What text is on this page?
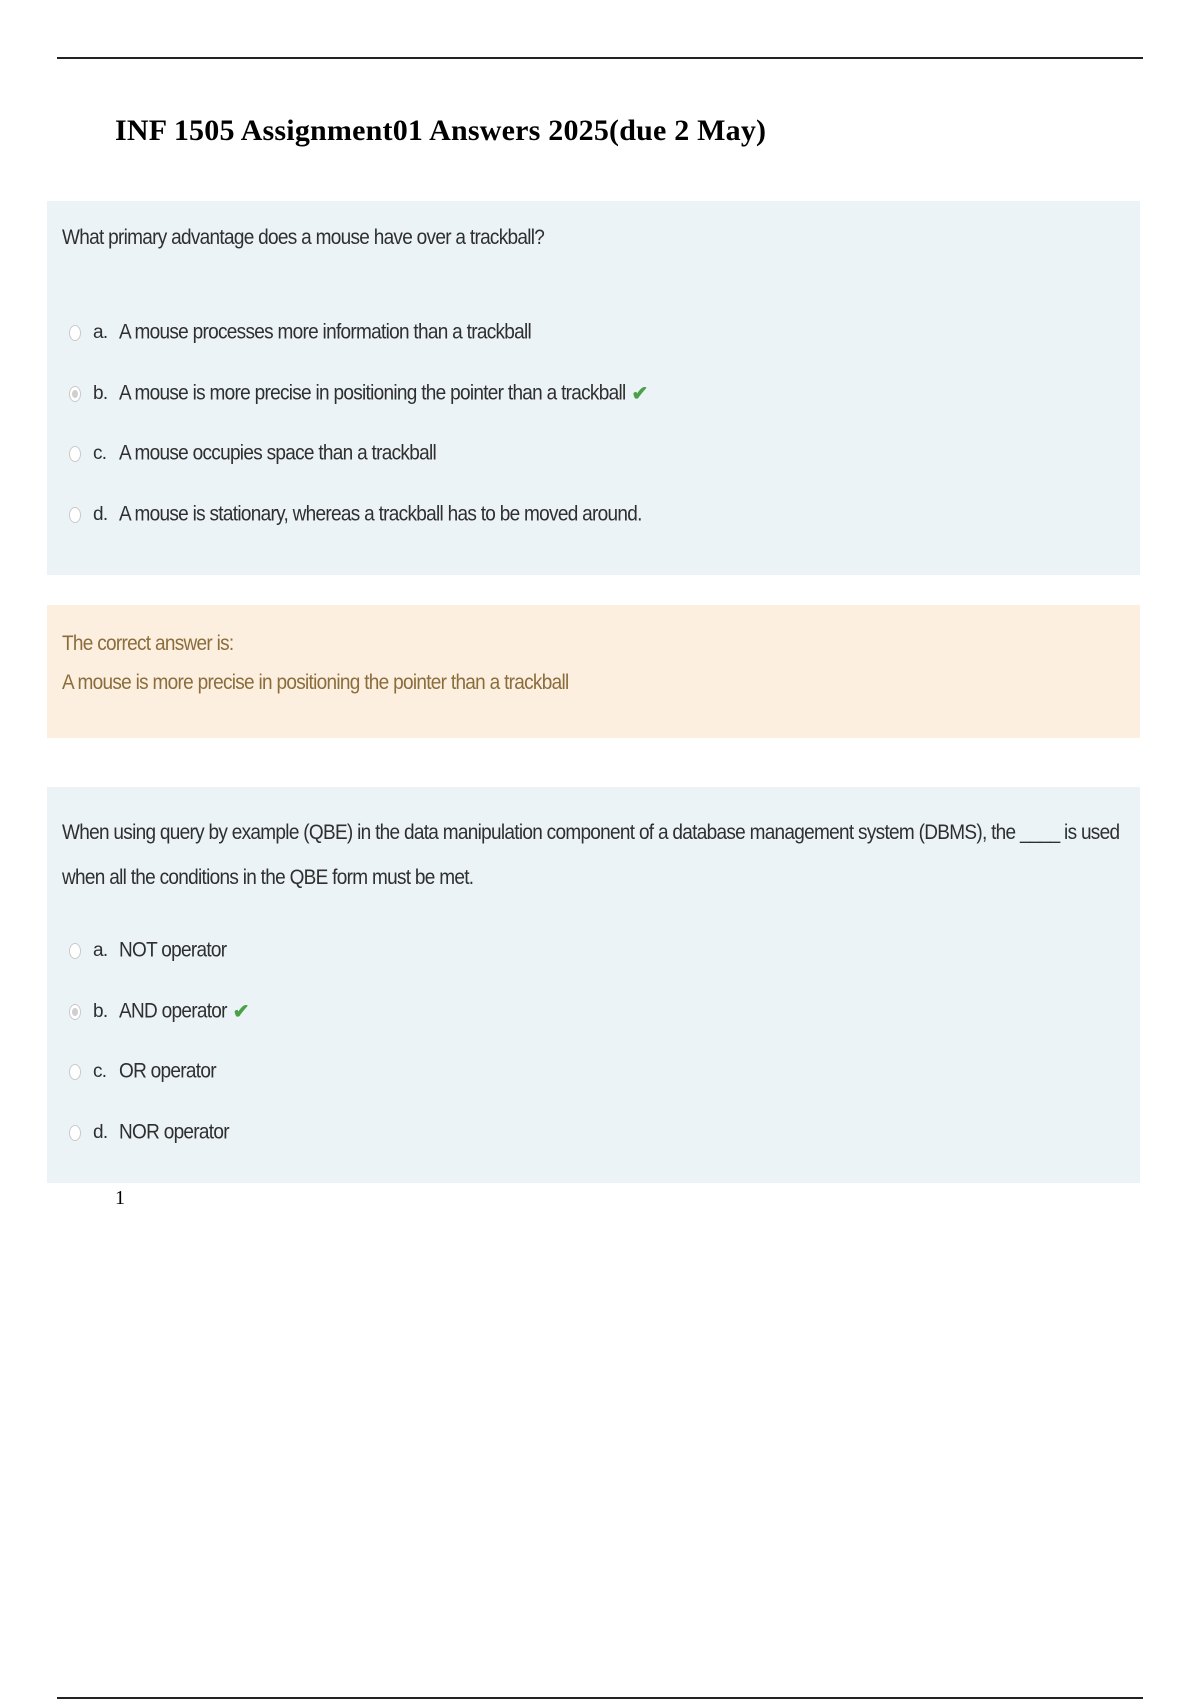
INF 1505 Assignment01 Answers 2025(due 2 May)
What primary advantage does a mouse have over a trackball?
a. A mouse processes more information than a trackball
b. A mouse is more precise in positioning the pointer than a trackball ✔
c. A mouse occupies space than a trackball
d. A mouse is stationary, whereas a trackball has to be moved around.
The correct answer is:
A mouse is more precise in positioning the pointer than a trackball
When using query by example (QBE) in the data manipulation component of a database management system (DBMS), the ____ is used when all the conditions in the QBE form must be met.
a. NOT operator
b. AND operator ✔
c. OR operator
d. NOR operator
1
